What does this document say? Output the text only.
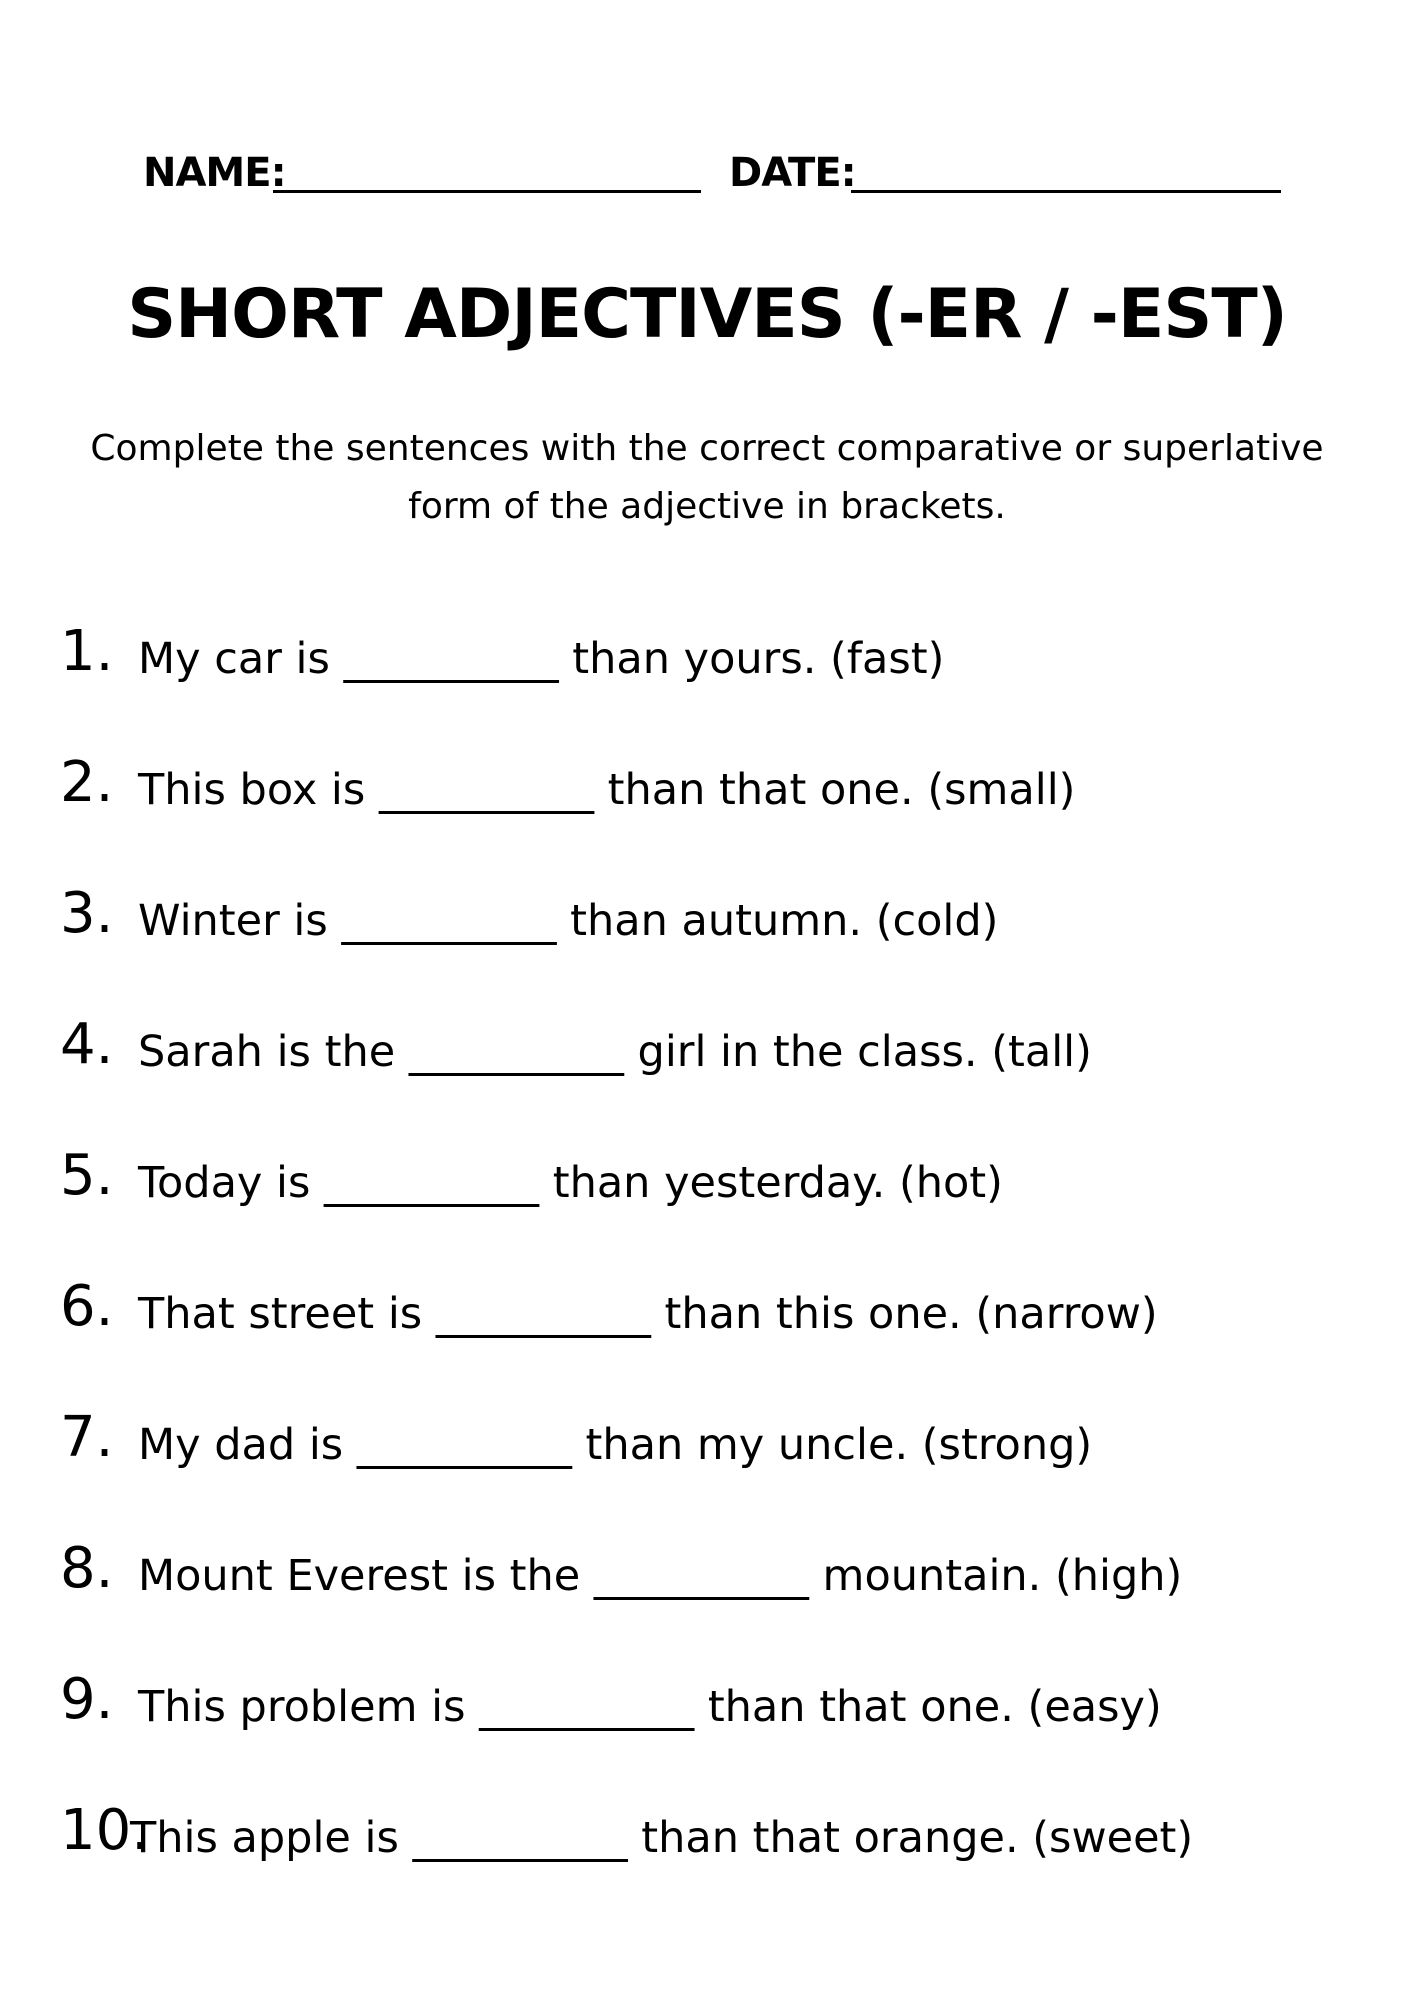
NAME:	DATE:
SHORT ADJECTIVES (-ER / -EST)

Complete the sentences with the correct comparative or superlative form of the adjective in brackets.

1. My car is __________ than yours. (fast)
2. This box is __________ than that one. (small)
3. Winter is __________ than autumn. (cold)
4. Sarah is the __________ girl in the class. (tall)
5. Today is __________ than yesterday. (hot)
6. That street is __________ than this one. (narrow)
7. My dad is __________ than my uncle. (strong)
8. Mount Everest is the __________ mountain. (high)
9. This problem is __________ than that one. (easy)
10.
This apple is __________ than that orange. (sweet)
